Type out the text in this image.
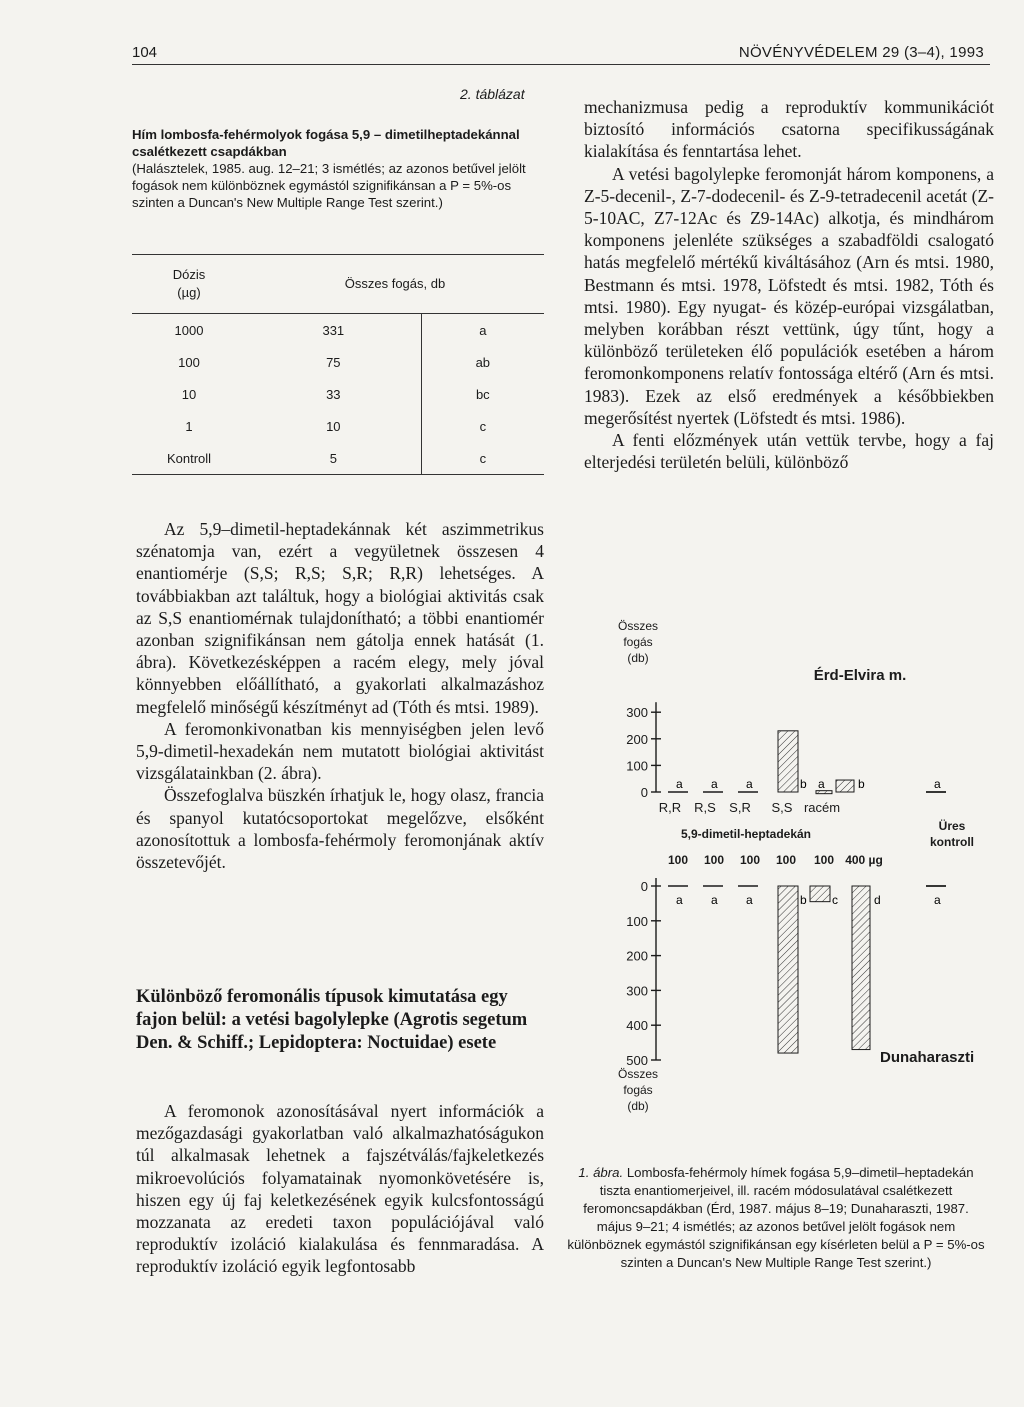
104	NÖVÉNYVÉDELEM 29 (3–4), 1993
2. táblázat
Hím lombosfa-fehérmolyok fogása 5,9 – dimetilheptadekánnal csalétkezett csapdákban
(Halásztelek, 1985. aug. 12–21; 3 ismétlés; az azonos betűvel jelölt fogások nem különböznek egymástól szignifikánsan a P = 5%-os szinten a Duncan's New Multiple Range Test szerint.)
Dózis
(µg)	Összes fogás, db	
1000	331	a
100	75	ab
10	33	bc
1	10	c
Kontroll	5	c

Az 5,9–dimetil-heptadekánnak két aszimmetrikus szénatomja van, ezért a vegyületnek összesen 4 enantiomérje (S,S; R,S; S,R; R,R) lehetséges. A továbbiakban azt találtuk, hogy a biológiai aktivitás csak az S,S enantiomérnak tulajdonítható; a többi enantiomér azonban szignifikánsan nem gátolja ennek hatását (1. ábra). Következésképpen a racém elegy, mely jóval könnyebben előállítható, a gyakorlati alkalmazáshoz megfelelő minőségű készítményt ad (Tóth és mtsi. 1989).

A feromonkivonatban kis mennyiségben jelen levő 5,9-dimetil-hexadekán nem mutatott biológiai aktivitást vizsgálatainkban (2. ábra).

Összefoglalva büszkén írhatjuk le, hogy olasz, francia és spanyol kutatócsoportokat megelőzve, elsőként azonosítottuk a lombosfa-fehérmoly feromonjának aktív összetevőjét.

Különböző feromonális típusok kimutatása egy fajon belül: a vetési bagolylepke (Agrotis segetum Den. & Schiff.; Lepidoptera: Noctuidae) esete

A feromonok azonosításával nyert információk a mezőgazdasági gyakorlatban való alkalmazhatóságukon túl alkalmasak lehetnek a fajszétválás/fajkeletkezés mikroevolúciós folyamatainak nyomonkövetésére is, hiszen egy új faj keletkezésének egyik kulcsfontosságú mozzanata az eredeti taxon populációjával való reproduktív izoláció kialakulása és fennmaradása. A reproduktív izoláció egyik legfontosabb

mechanizmusa pedig a reproduktív kommunikációt biztosító információs csatorna specifikusságának kialakítása és fenntartása lehet.

A vetési bagolylepke feromonját három komponens, a Z-5-decenil-, Z-7-dodecenil- és Z-9-tetradecenil acetát (Z-5-10AC, Z7-12Ac és Z9-14Ac) alkotja, és mindhárom komponens jelenléte szükséges a szabadföldi csalogató hatás megfelelő mértékű kiváltásához (Arn és mtsi. 1980, Bestmann és mtsi. 1978, Löfstedt és mtsi. 1982, Tóth és mtsi. 1980). Egy nyugat- és közép-európai vizsgálatban, melyben korábban részt vettünk, úgy tűnt, hogy a különböző területeken élő populációk esetében a három feromonkomponens relatív fontossága eltérő (Arn és mtsi. 1983). Ezek az első eredmények a későbbiekben megerősítést nyertek (Löfstedt és mtsi. 1986).

A fenti előzmények után vettük tervbe, hogy a faj elterjedési területén belüli, különböző

Összes
fogás
(db)
Érd-Elvira m.
0
100
200
300
R,R R,S S,R S,S racém
5,9-dimetil-heptadekán
Üres
kontroll
100 100 100 100 100 400 µg
0
100
200
300
400
500	Dunaharaszti
Összes
fogás
(db)
a a a	b a	a
b
a a a	b c	a
d
1. ábra. Lombosfa-fehérmoly hímek fogása 5,9–dimetil–heptadekán tiszta enantiomerjeivel, ill. racém módosulatával csalétkezett feromoncsapdákban (Érd, 1987. május 8–19; Dunaharaszti, 1987. május 9–21; 4 ismétlés; az azonos betűvel jelölt fogások nem különböznek egymástól szignifikánsan egy kísérleten belül a P = 5%-os szinten a Duncan's New Multiple Range Test szerint.)
